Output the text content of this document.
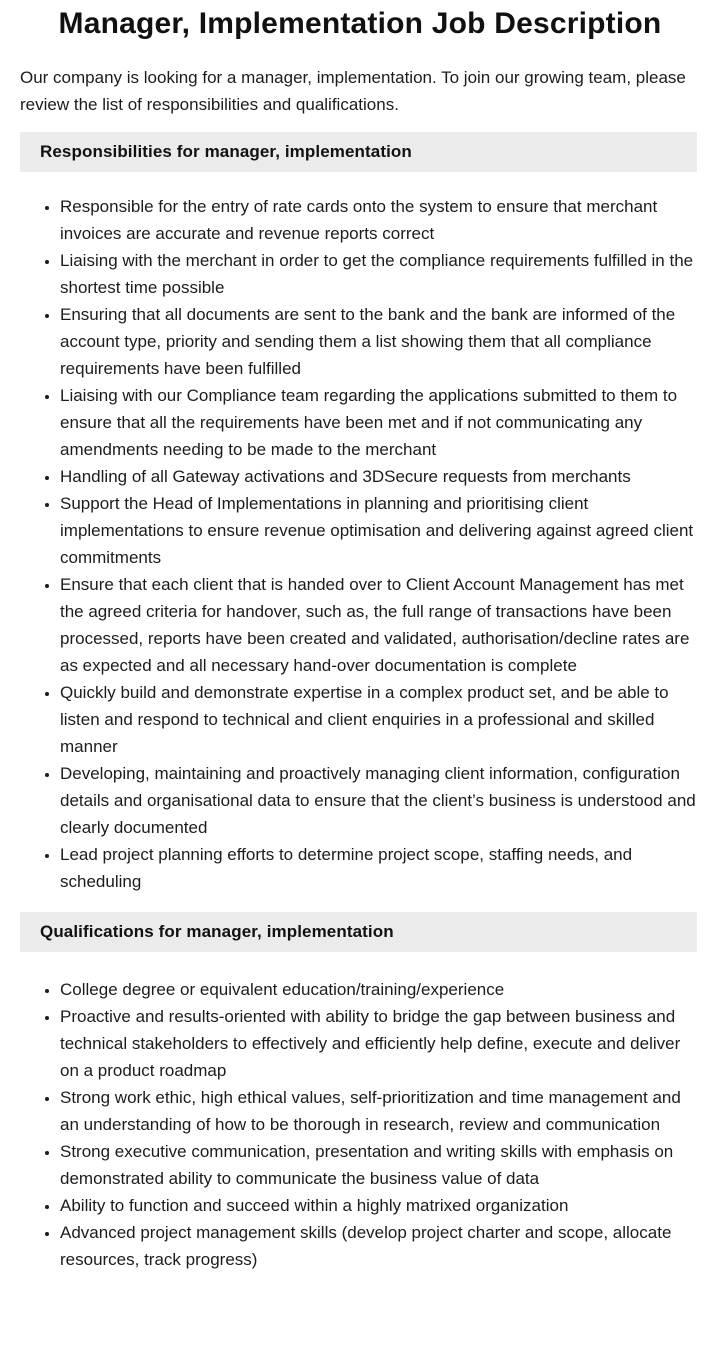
Manager, Implementation Job Description

Our company is looking for a manager, implementation. To join our growing team, please review the list of responsibilities and qualifications.

Responsibilities for manager, implementation
• Responsible for the entry of rate cards onto the system to ensure that merchant invoices are accurate and revenue reports correct
• Liaising with the merchant in order to get the compliance requirements fulfilled in the shortest time possible
• Ensuring that all documents are sent to the bank and the bank are informed of the account type, priority and sending them a list showing them that all compliance requirements have been fulfilled
• Liaising with our Compliance team regarding the applications submitted to them to ensure that all the requirements have been met and if not communicating any amendments needing to be made to the merchant
• Handling of all Gateway activations and 3DSecure requests from merchants
• Support the Head of Implementations in planning and prioritising client implementations to ensure revenue optimisation and delivering against agreed client commitments
• Ensure that each client that is handed over to Client Account Management has met the agreed criteria for handover, such as, the full range of transactions have been processed, reports have been created and validated, authorisation/decline rates are as expected and all necessary hand-over documentation is complete
• Quickly build and demonstrate expertise in a complex product set, and be able to listen and respond to technical and client enquiries in a professional and skilled manner
• Developing, maintaining and proactively managing client information, configuration details and organisational data to ensure that the client’s business is understood and clearly documented
• Lead project planning efforts to determine project scope, staffing needs, and scheduling
Qualifications for manager, implementation
• College degree or equivalent education/training/experience
• Proactive and results-oriented with ability to bridge the gap between business and technical stakeholders to effectively and efficiently help define, execute and deliver on a product roadmap
• Strong work ethic, high ethical values, self-prioritization and time management and an understanding of how to be thorough in research, review and communication
• Strong executive communication, presentation and writing skills with emphasis on demonstrated ability to communicate the business value of data
• Ability to function and succeed within a highly matrixed organization
• Advanced project management skills (develop project charter and scope, allocate resources, track progress)
